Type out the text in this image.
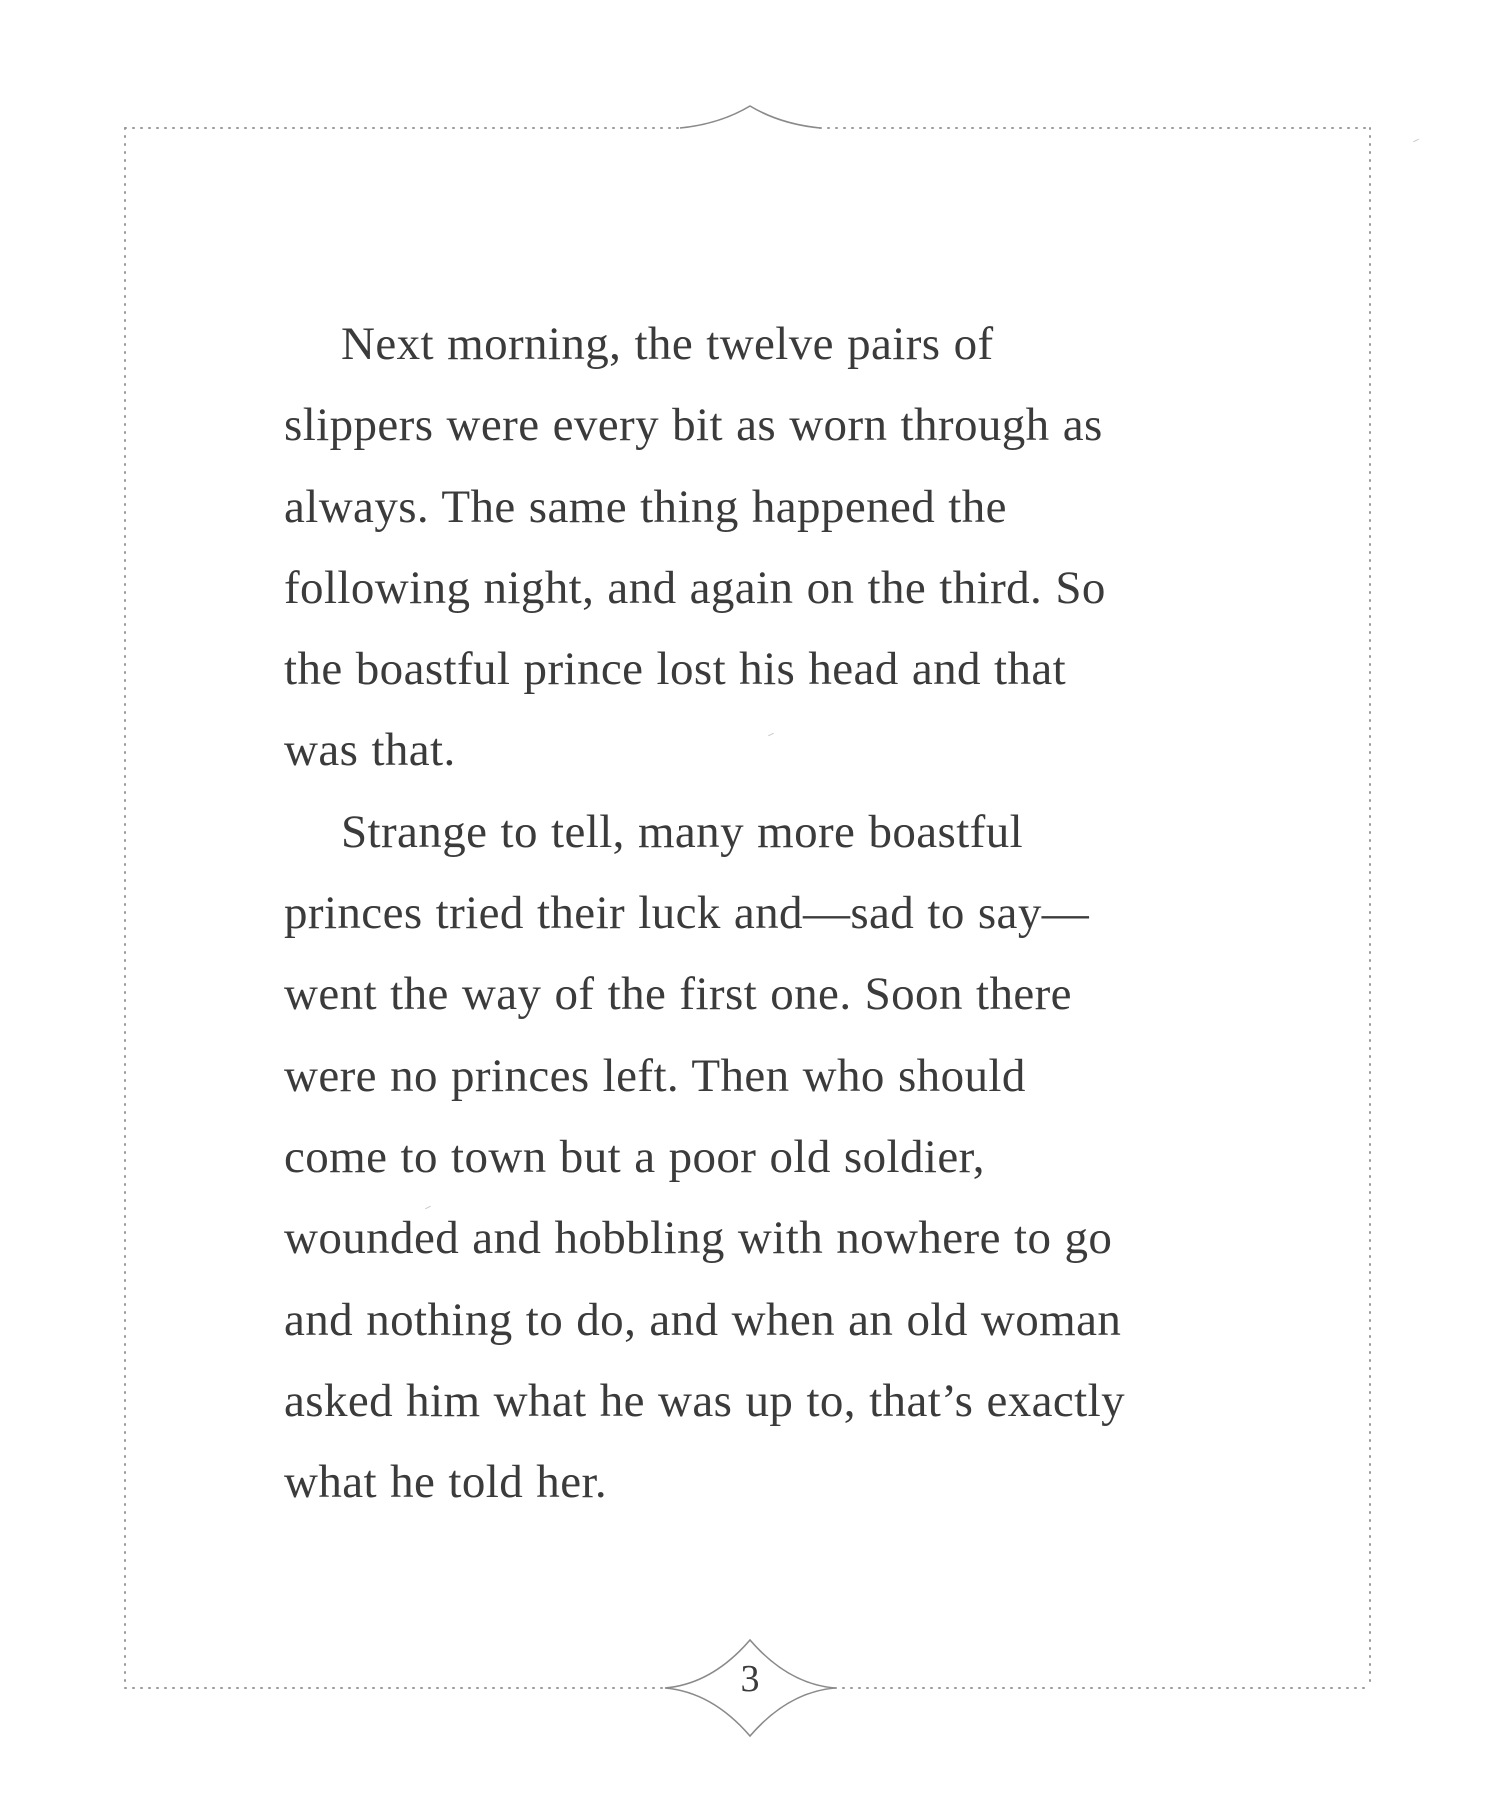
Next morning, the twelve pairs of
slippers were every bit as worn through as
always. The same thing happened the
following night, and again on the third. So
the boastful prince lost his head and that
was that.
Strange to tell, many more boastful
princes tried their luck and—sad to say—
went the way of the first one. Soon there
were no princes left. Then who should
come to town but a poor old soldier,
wounded and hobbling with nowhere to go
and nothing to do, and when an old woman
asked him what he was up to, that’s exactly
what he told her.
3
